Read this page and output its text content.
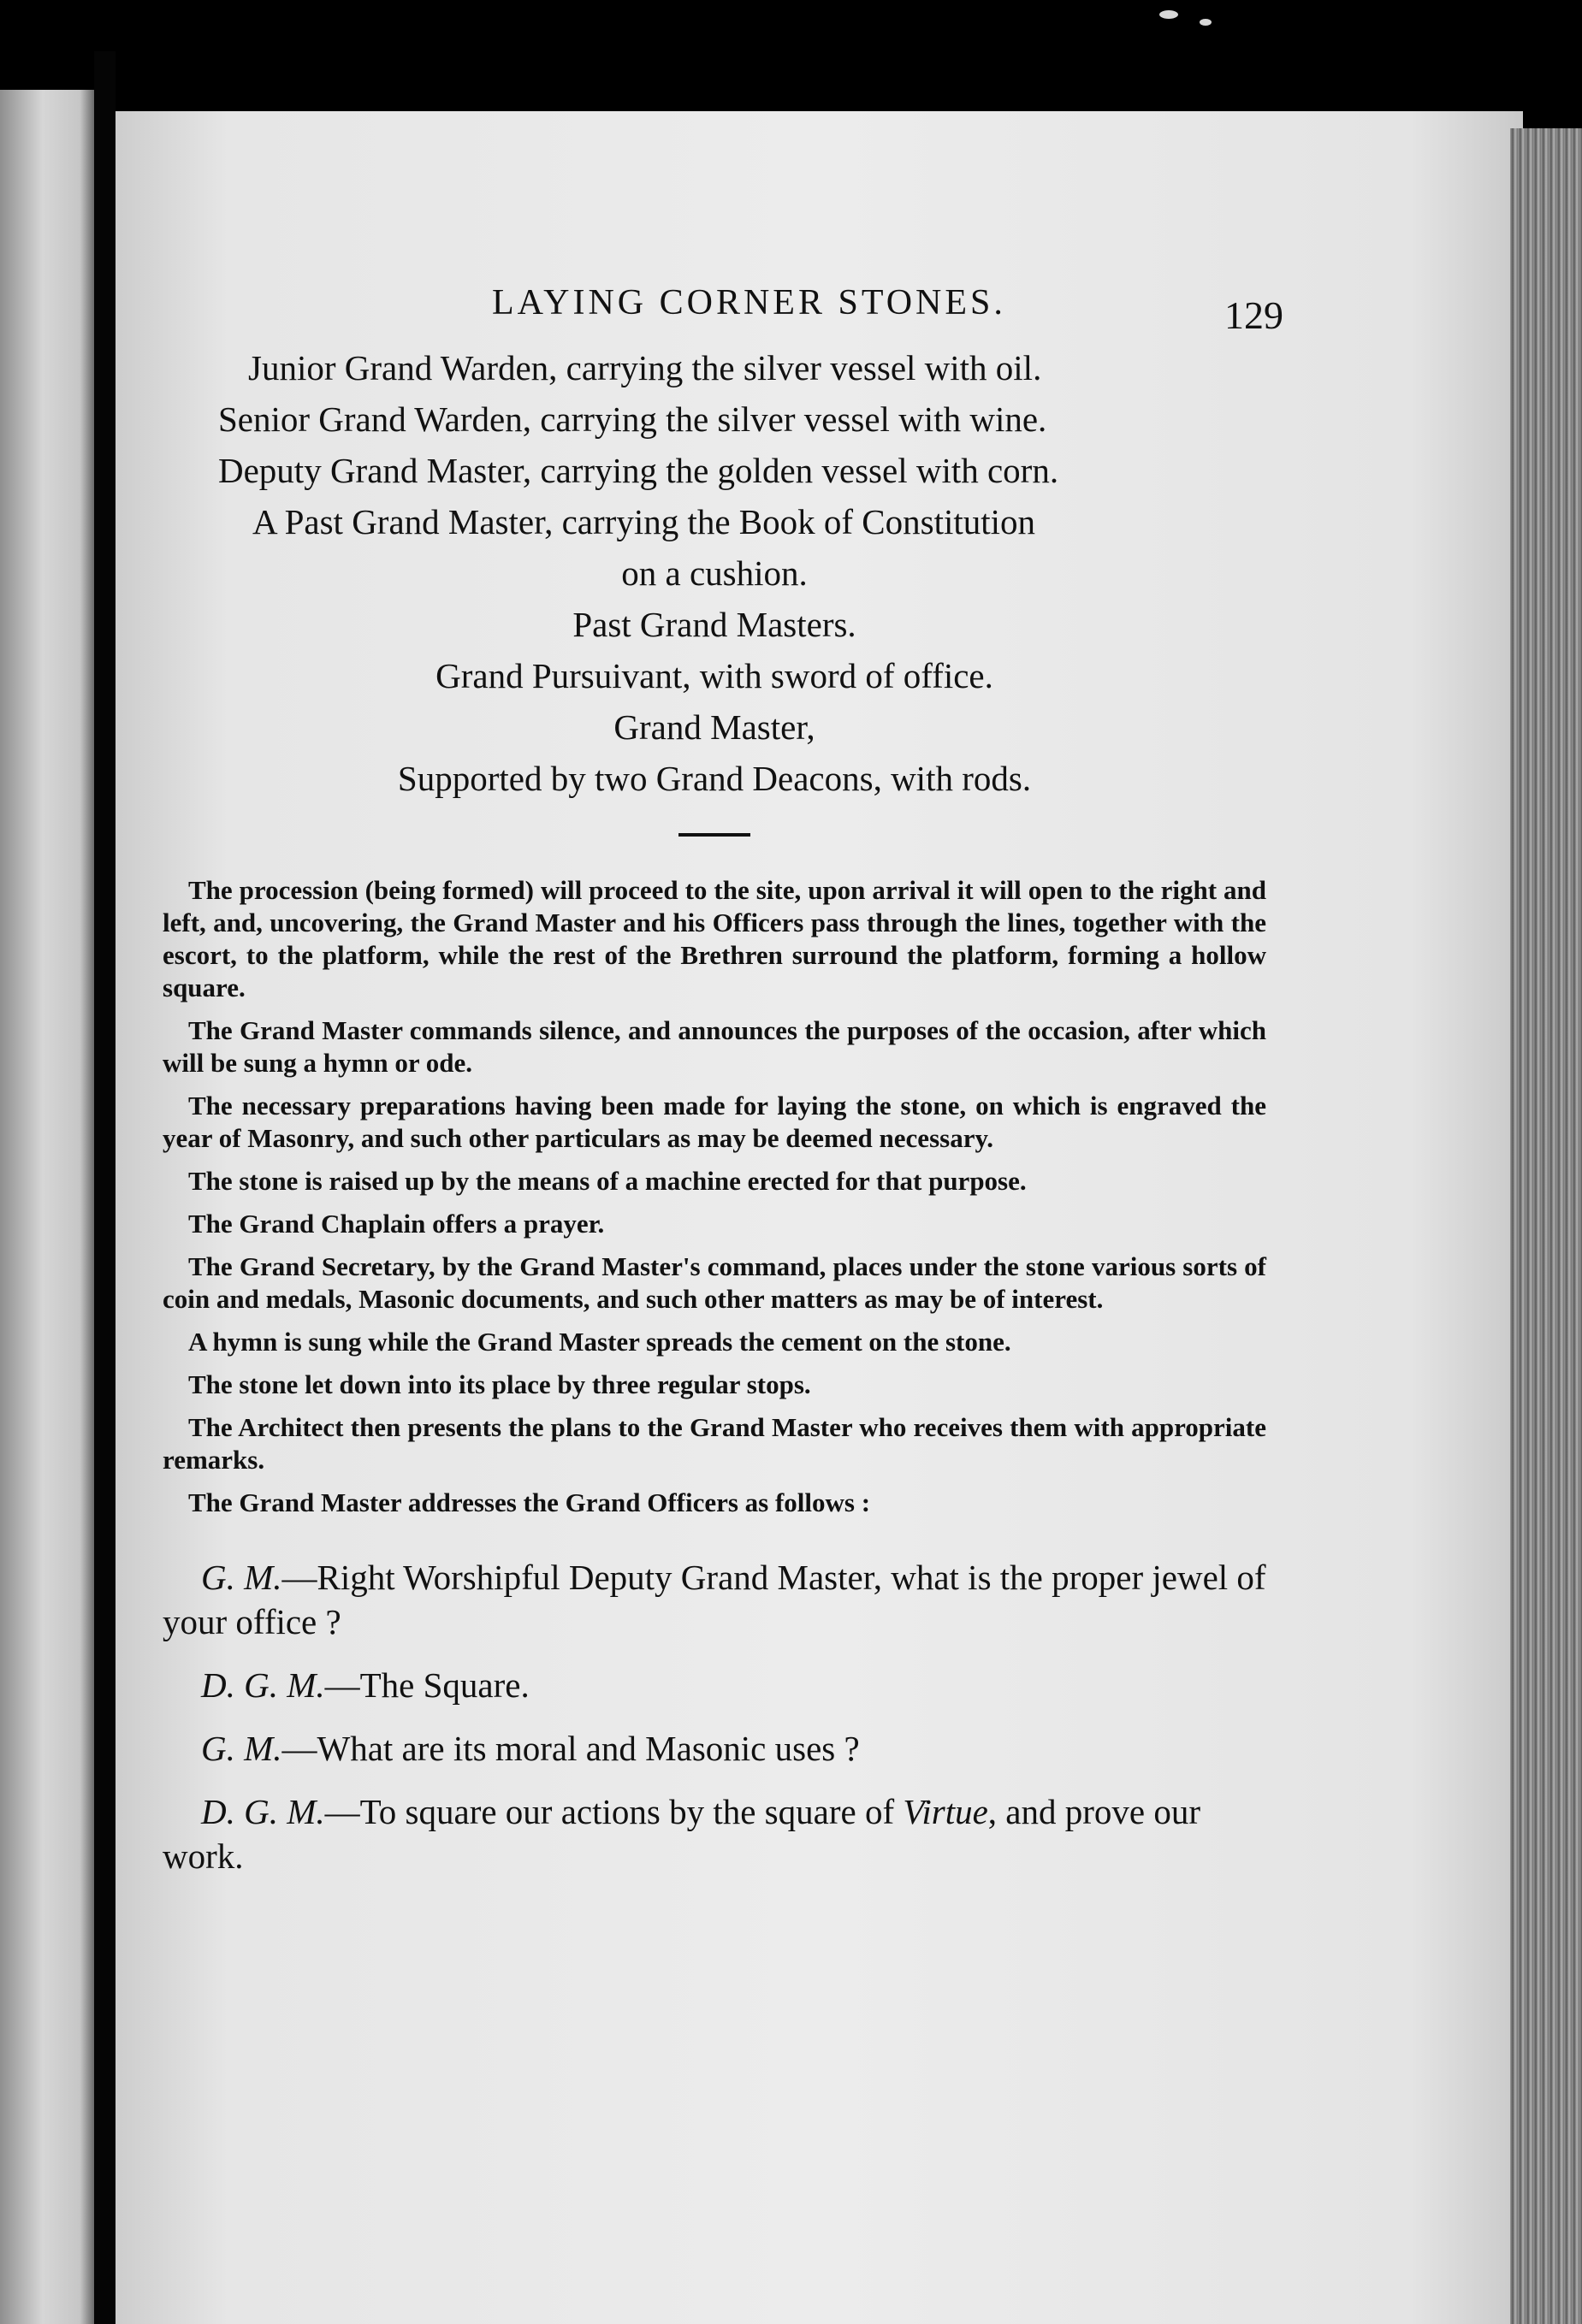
LAYING CORNER STONES.	129
Junior Grand Warden, carrying the silver vessel with oil.
Senior Grand Warden, carrying the silver vessel with wine.
Deputy Grand Master, carrying the golden vessel with corn.
A Past Grand Master, carrying the Book of Constitution
on a cushion.
Past Grand Masters.
Grand Pursuivant, with sword of office.
Grand Master,
Supported by two Grand Deacons, with rods.

The procession (being formed) will proceed to the site, upon arrival it will open to the right and left, and, uncovering, the Grand Master and his Officers pass through the lines, together with the escort, to the platform, while the rest of the Brethren surround the platform, forming a hollow square.

The Grand Master commands silence, and announces the purposes of the occasion, after which will be sung a hymn or ode.

The necessary preparations having been made for laying the stone, on which is engraved the year of Masonry, and such other particulars as may be deemed necessary.

The stone is raised up by the means of a machine erected for that purpose.

The Grand Chaplain offers a prayer.

The Grand Secretary, by the Grand Master's command, places under the stone various sorts of coin and medals, Masonic documents, and such other matters as may be of interest.

A hymn is sung while the Grand Master spreads the cement on the stone.

The stone let down into its place by three regular stops.

The Architect then presents the plans to the Grand Master who receives them with appropriate remarks.

The Grand Master addresses the Grand Officers as follows :

G. M.—Right Worshipful Deputy Grand Master, what is the proper jewel of your office ?

D. G. M.—The Square.

G. M.—What are its moral and Masonic uses ?

D. G. M.—To square our actions by the square of Virtue, and prove our work.
